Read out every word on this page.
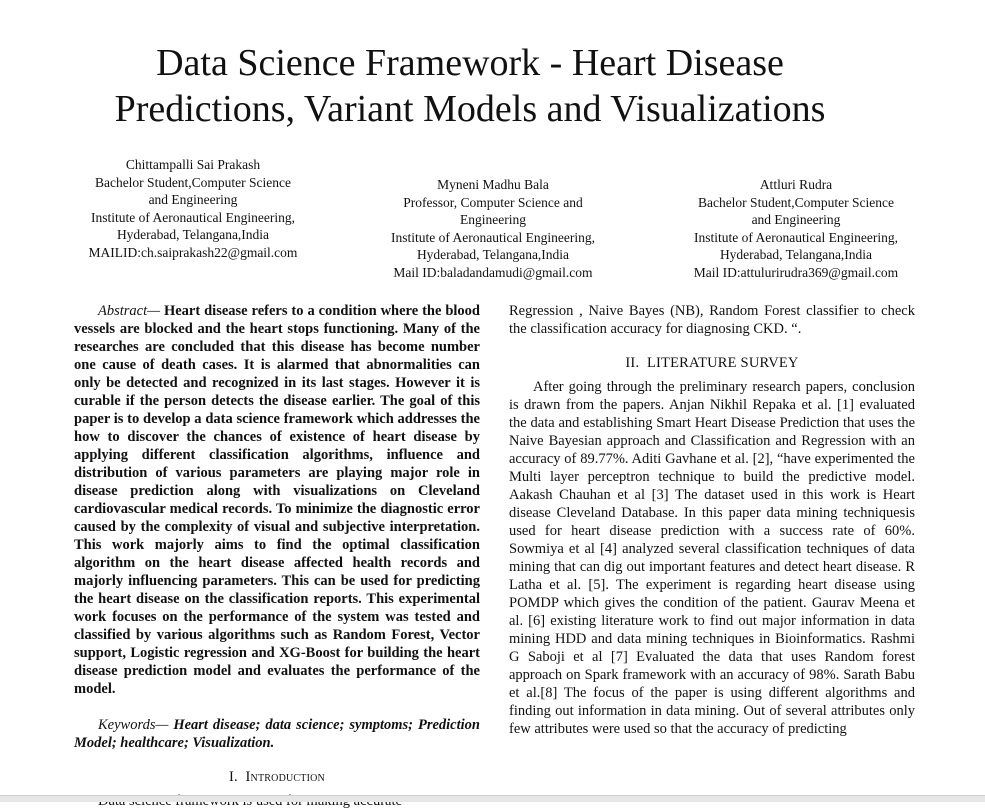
Data Science Framework - Heart Disease
Predictions, Variant Models and Visualizations
Chittampalli Sai Prakash
Bachelor Student,Computer Science
and Engineering
Institute of Aeronautical Engineering,
Hyderabad, Telangana,India
MAILID:ch.saiprakash22@gmail.com
Myneni Madhu Bala
Professor, Computer Science and
Engineering
Institute of Aeronautical Engineering,
Hyderabad, Telangana,India
Mail ID:baladandamudi@gmail.com
Attluri Rudra
Bachelor Student,Computer Science
and Engineering
Institute of Aeronautical Engineering,
Hyderabad, Telangana,India
Mail ID:attulurirudra369@gmail.com

Abstract— Heart disease refers to a condition where the blood vessels are blocked and the heart stops functioning. Many of the researches are concluded that this disease has become number one cause of death cases. It is alarmed that abnormalities can only be detected and recognized in its last stages. However it is curable if the person detects the disease earlier. The goal of this paper is to develop a data science framework which addresses the how to discover the chances of existence of heart disease by applying different classification algorithms, influence and distribution of various parameters are playing major role in disease prediction along with visualizations on Cleveland cardiovascular medical records. To minimize the diagnostic error caused by the complexity of visual and subjective interpretation. This work majorly aims to find the optimal classification algorithm on the heart disease affected health records and majorly influencing parameters. This can be used for predicting the heart disease on the classification reports. This experimental work focuses on the performance of the system was tested and classified by various algorithms such as Random Forest, Vector support, Logistic regression and XG-Boost for building the heart disease prediction model and evaluates the performance of the model.

Keywords— Heart disease; data science; symptoms; Prediction Model; healthcare; Visualization.

I. Introduction

Regression , Naive Bayes (NB), Random Forest classifier to check the classification accuracy for diagnosing CKD. “.

II. LITERATURE SURVEY

After going through the preliminary research papers, conclusion is drawn from the papers. Anjan Nikhil Repaka et al. [1] evaluated the data and establishing Smart Heart Disease Prediction that uses the Naive Bayesian approach and Classification and Regression with an accuracy of 89.77%. Aditi Gavhane et al. [2], “have experimented the Multi layer perceptron technique to build the predictive model. Aakash Chauhan et al [3] The dataset used in this work is Heart disease Cleveland Database. In this paper data mining techniquesis used for heart disease prediction with a success rate of 60%. Sowmiya et al [4] analyzed several classification techniques of data mining that can dig out important features and detect heart disease. R Latha et al. [5]. The experiment is regarding heart disease using POMDP which gives the condition of the patient. Gaurav Meena et al. [6] existing literature work to find out major information in data mining HDD and data mining techniques in Bioinformatics. Rashmi G Saboji et al [7] Evaluated the data that uses Random forest approach on Spark framework with an accuracy of 98%. Sarath Babu et al.[8] The focus of the paper is using different algorithms and finding out information in data mining. Out of several attributes only few attributes were used so that the accuracy of predicting
